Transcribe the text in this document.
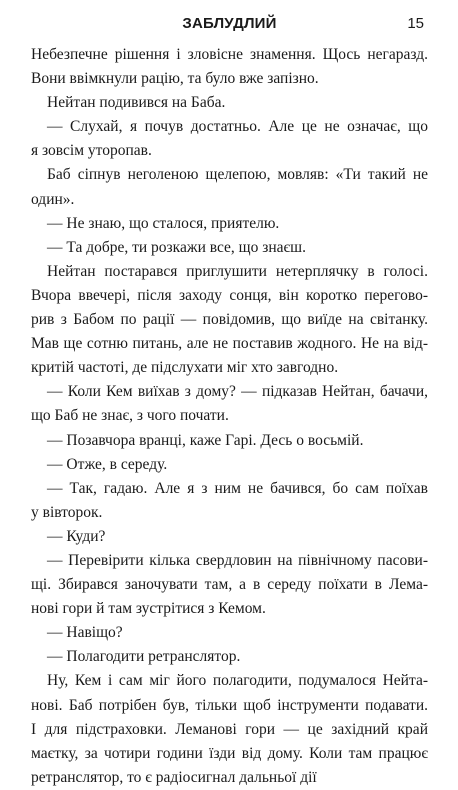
ЗАБЛУДЛИЙ	15
Небезпечне рішення і зловісне знамення. Щось негаразд.
Вони ввімкнули рацію, та було вже запізно.
Нейтан подивився на Баба.
— Слухай, я почув достатньо. Але це не означає, що
я зовсім уторопав.
Баб сіпнув неголеною щелепою, мовляв: «Ти такий не
один».
— Не знаю, що сталося, приятелю.
— Та добре, ти розкажи все, що знаєш.
Нейтан постарався приглушити нетерплячку в голосі.
Вчора ввечері, після заходу сонця, він коротко перегово-
рив з Бабом по рації — повідомив, що виїде на світанку.
Мав ще сотню питань, але не поставив жодного. Не на від-
критій частоті, де підслухати міг хто завгодно.
— Коли Кем виїхав з дому? — підказав Нейтан, бачачи,
що Баб не знає, з чого почати.
— Позавчора вранці, каже Гарі. Десь о восьмій.
— Отже, в середу.
— Так, гадаю. Але я з ним не бачився, бо сам поїхав
у вівторок.
— Куди?
— Перевірити кілька свердловин на північному пасови-
щі. Збирався заночувати там, а в середу поїхати в Лема-
нові гори й там зустрітися з Кемом.
— Навіщо?
— Полагодити ретранслятор.
Ну, Кем і сам міг його полагодити, подумалося Нейта-
нові. Баб потрібен був, тільки щоб інструменти подавати.
І для підстраховки. Леманові гори — це західний край
маєтку, за чотири години їзди від дому. Коли там працює
ретранслятор, то є радіосигнал дальньої дії
